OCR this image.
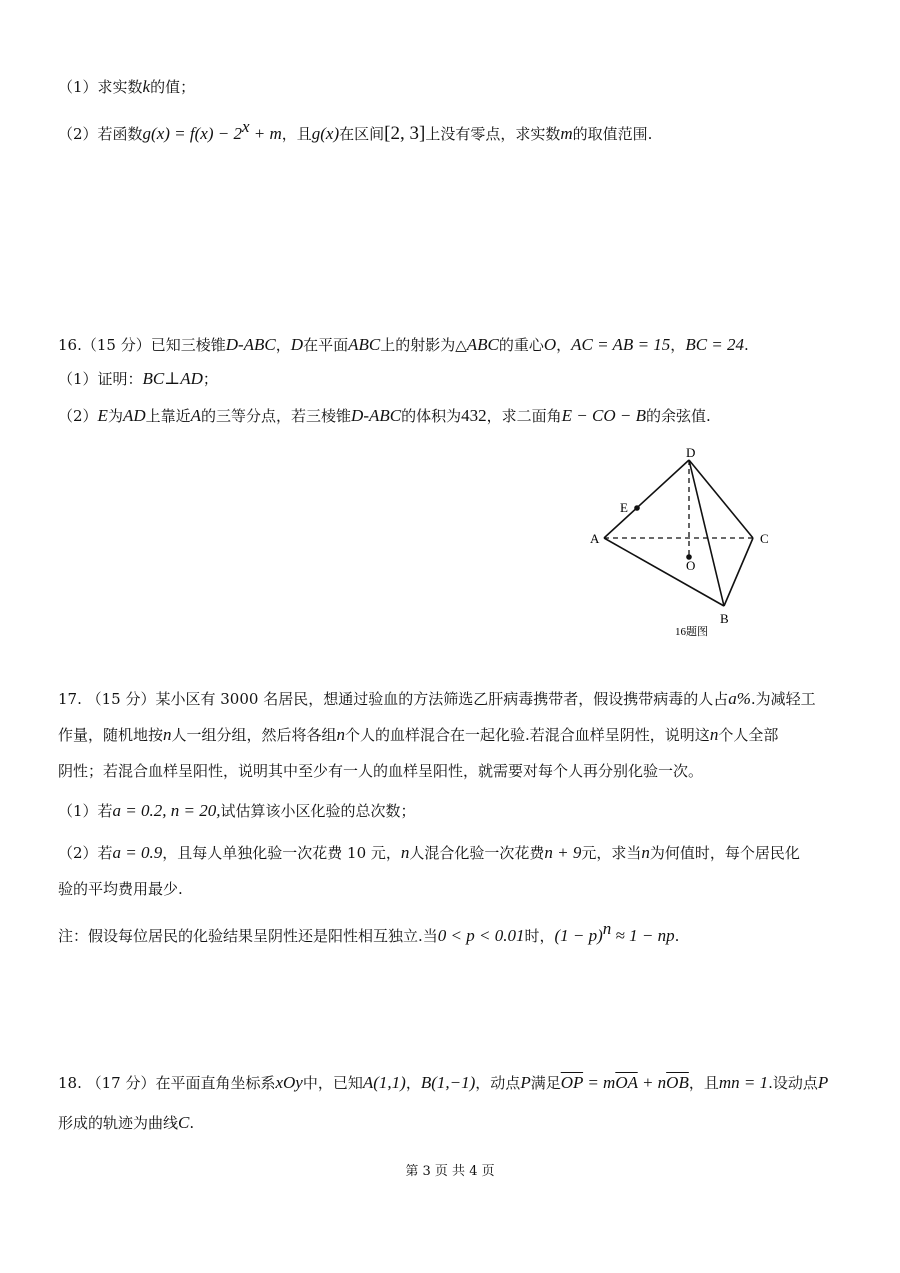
（1）求实数k的值；
（2）若函数$g(x) = f(x) - 2^x + m$，且g(x)在区间[2, 3]上没有零点，求实数m的取值范围.
16.（15 分）已知三棱锥D-ABC，D在平面ABC上的射影为△ABC的重心O，AC = AB = 15，BC = 24.
（1）证明：BC⊥AD；
（2）E为AD上靠近A的三等分点，若三棱锥D-ABC的体积为432，求二面角E − CO − B的余弦值.
D
E
A	C
O
B
16题图
17. （15 分）某小区有 3000 名居民，想通过验血的方法筛选乙肝病毒携带者，假设携带病毒的人占a%.为减轻工
作量，随机地按n人一组分组，然后将各组n个人的血样混合在一起化验.若混合血样呈阴性，说明这n个人全部
阴性；若混合血样呈阳性，说明其中至少有一人的血样呈阳性，就需要对每个人再分别化验一次。
（1）若a = 0.2, n = 20,试估算该小区化验的总次数；
（2）若a = 0.9，且每人单独化验一次花费 10 元，n人混合化验一次花费n + 9元，求当n为何值时，每个居民化
验的平均费用最少.
注：假设每位居民的化验结果呈阴性还是阳性相互独立.当0 < p < 0.01时，$(1 - p)^n \approx 1$ − np.
18. （17 分）在平面直角坐标系xOy中，已知A(1,1)，B(1,−1)，动点P满足$\overline{OP} = m\overline{OA} + n\overline{OB}$，且mn = 1.设动点P
形成的轨迹为曲线C.
第 3 页 共 4 页
